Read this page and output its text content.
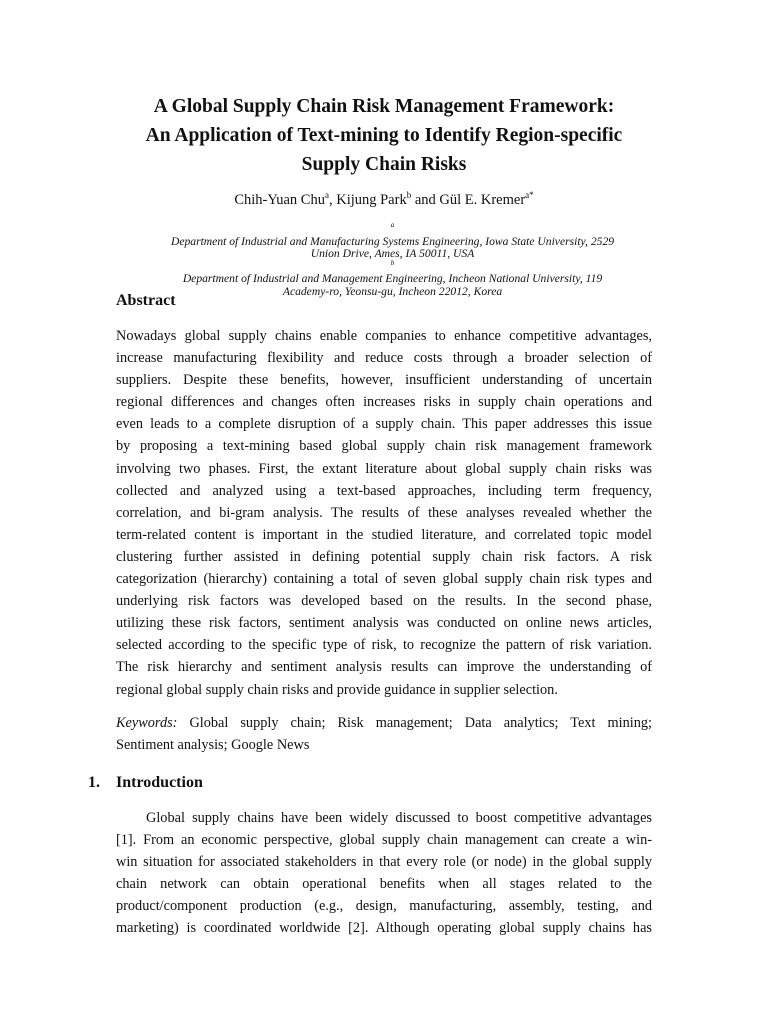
A Global Supply Chain Risk Management Framework:
An Application of Text-mining to Identify Region-specific
Supply Chain Risks
Chih-Yuan Chu$^a$, Kijung Park$^b$ and Gül E. Kremer$^{a*}$
$^a$
Department of Industrial and Manufacturing Systems Engineering, Iowa State University, 2529
Union Drive, Ames, IA 50011, USA
$^b$
Department of Industrial and Management Engineering, Incheon National University, 119
Academy-ro, Yeonsu-gu, Incheon 22012, Korea
Abstract

Nowadays global supply chains enable companies to enhance competitive advantages,
increase manufacturing flexibility and reduce costs through a broader selection of
suppliers. Despite these benefits, however, insufficient understanding of uncertain
regional differences and changes often increases risks in supply chain operations and
even leads to a complete disruption of a supply chain. This paper addresses this issue
by proposing a text-mining based global supply chain risk management framework
involving two phases. First, the extant literature about global supply chain risks was
collected and analyzed using a text-based approaches, including term frequency,
correlation, and bi-gram analysis. The results of these analyses revealed whether the
term-related content is important in the studied literature, and correlated topic model
clustering further assisted in defining potential supply chain risk factors. A risk
categorization (hierarchy) containing a total of seven global supply chain risk types and
underlying risk factors was developed based on the results. In the second phase,
utilizing these risk factors, sentiment analysis was conducted on online news articles,
selected according to the specific type of risk, to recognize the pattern of risk variation.
The risk hierarchy and sentiment analysis results can improve the understanding of
regional global supply chain risks and provide guidance in supplier selection.

Keywords: Global supply chain; Risk management; Data analytics; Text mining;
Sentiment analysis; Google News

1. Introduction

Global supply chains have been widely discussed to boost competitive advantages
[1]. From an economic perspective, global supply chain management can create a win-
win situation for associated stakeholders in that every role (or node) in the global supply
chain network can obtain operational benefits when all stages related to the
product/component production (e.g., design, manufacturing, assembly, testing, and
marketing) is coordinated worldwide [2]. Although operating global supply chains has
